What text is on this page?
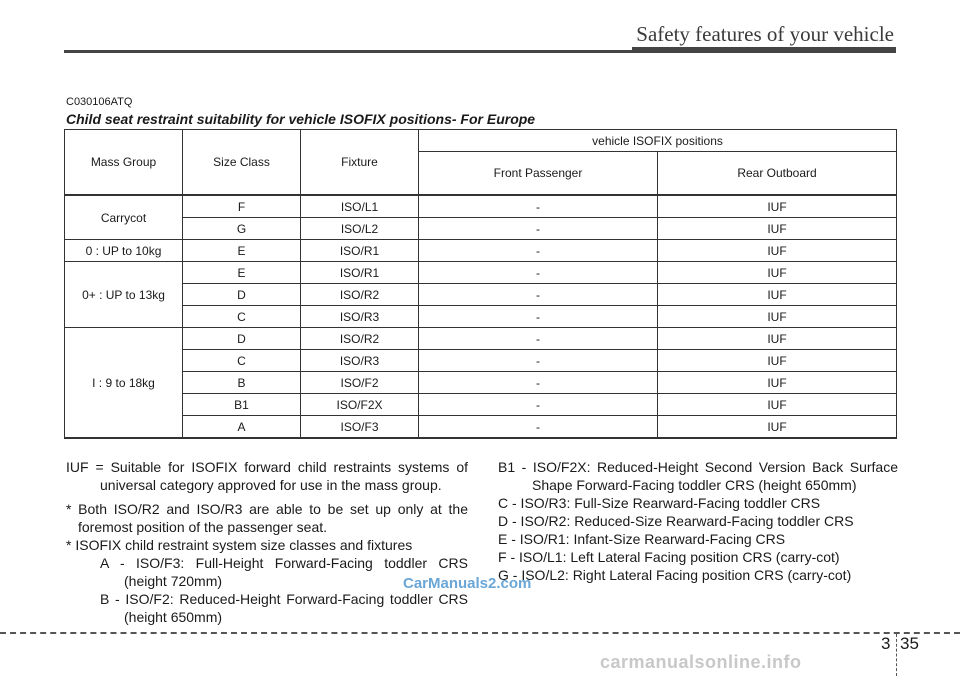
Safety features of your vehicle
C030106ATQ
Child seat restraint suitability for vehicle ISOFIX positions- For Europe
Mass Group	Size Class	Fixture	vehicle ISOFIX positions	
			Front Passenger	Rear Outboard
Carrycot	F	ISO/L1	-	IUF
	G	ISO/L2	-	IUF
0 : UP to 10kg	E	ISO/R1	-	IUF
0+ : UP to 13kg	E	ISO/R1	-	IUF
	D	ISO/R2	-	IUF
	C	ISO/R3	-	IUF
I : 9 to 18kg	D	ISO/R2	-	IUF
	C	ISO/R3	-	IUF
	B	ISO/F2	-	IUF
	B1	ISO/F2X	-	IUF
	A	ISO/F3	-	IUF

IUF = Suitable for ISOFIX forward child restraints systems of universal category approved for use in the mass group.

* Both ISO/R2 and ISO/R3 are able to be set up only at the foremost position of the passenger seat.

* ISOFIX child restraint system size classes and fixtures

A - ISO/F3: Full-Height Forward-Facing toddler CRS (height 720mm)

B - ISO/F2: Reduced-Height Forward-Facing toddler CRS (height 650mm)

B1 - ISO/F2X: Reduced-Height Second Version Back Surface Shape Forward-Facing toddler CRS (height 650mm)

C - ISO/R3: Full-Size Rearward-Facing toddler CRS

D - ISO/R2: Reduced-Size Rearward-Facing toddler CRS

E - ISO/R1: Infant-Size Rearward-Facing CRS

F - ISO/L1: Left Lateral Facing position CRS (carry-cot)

G - ISO/L2: Right Lateral Facing position CRS (carry-cot)

CarManuals2.com
3 35
carmanualsonline.info
